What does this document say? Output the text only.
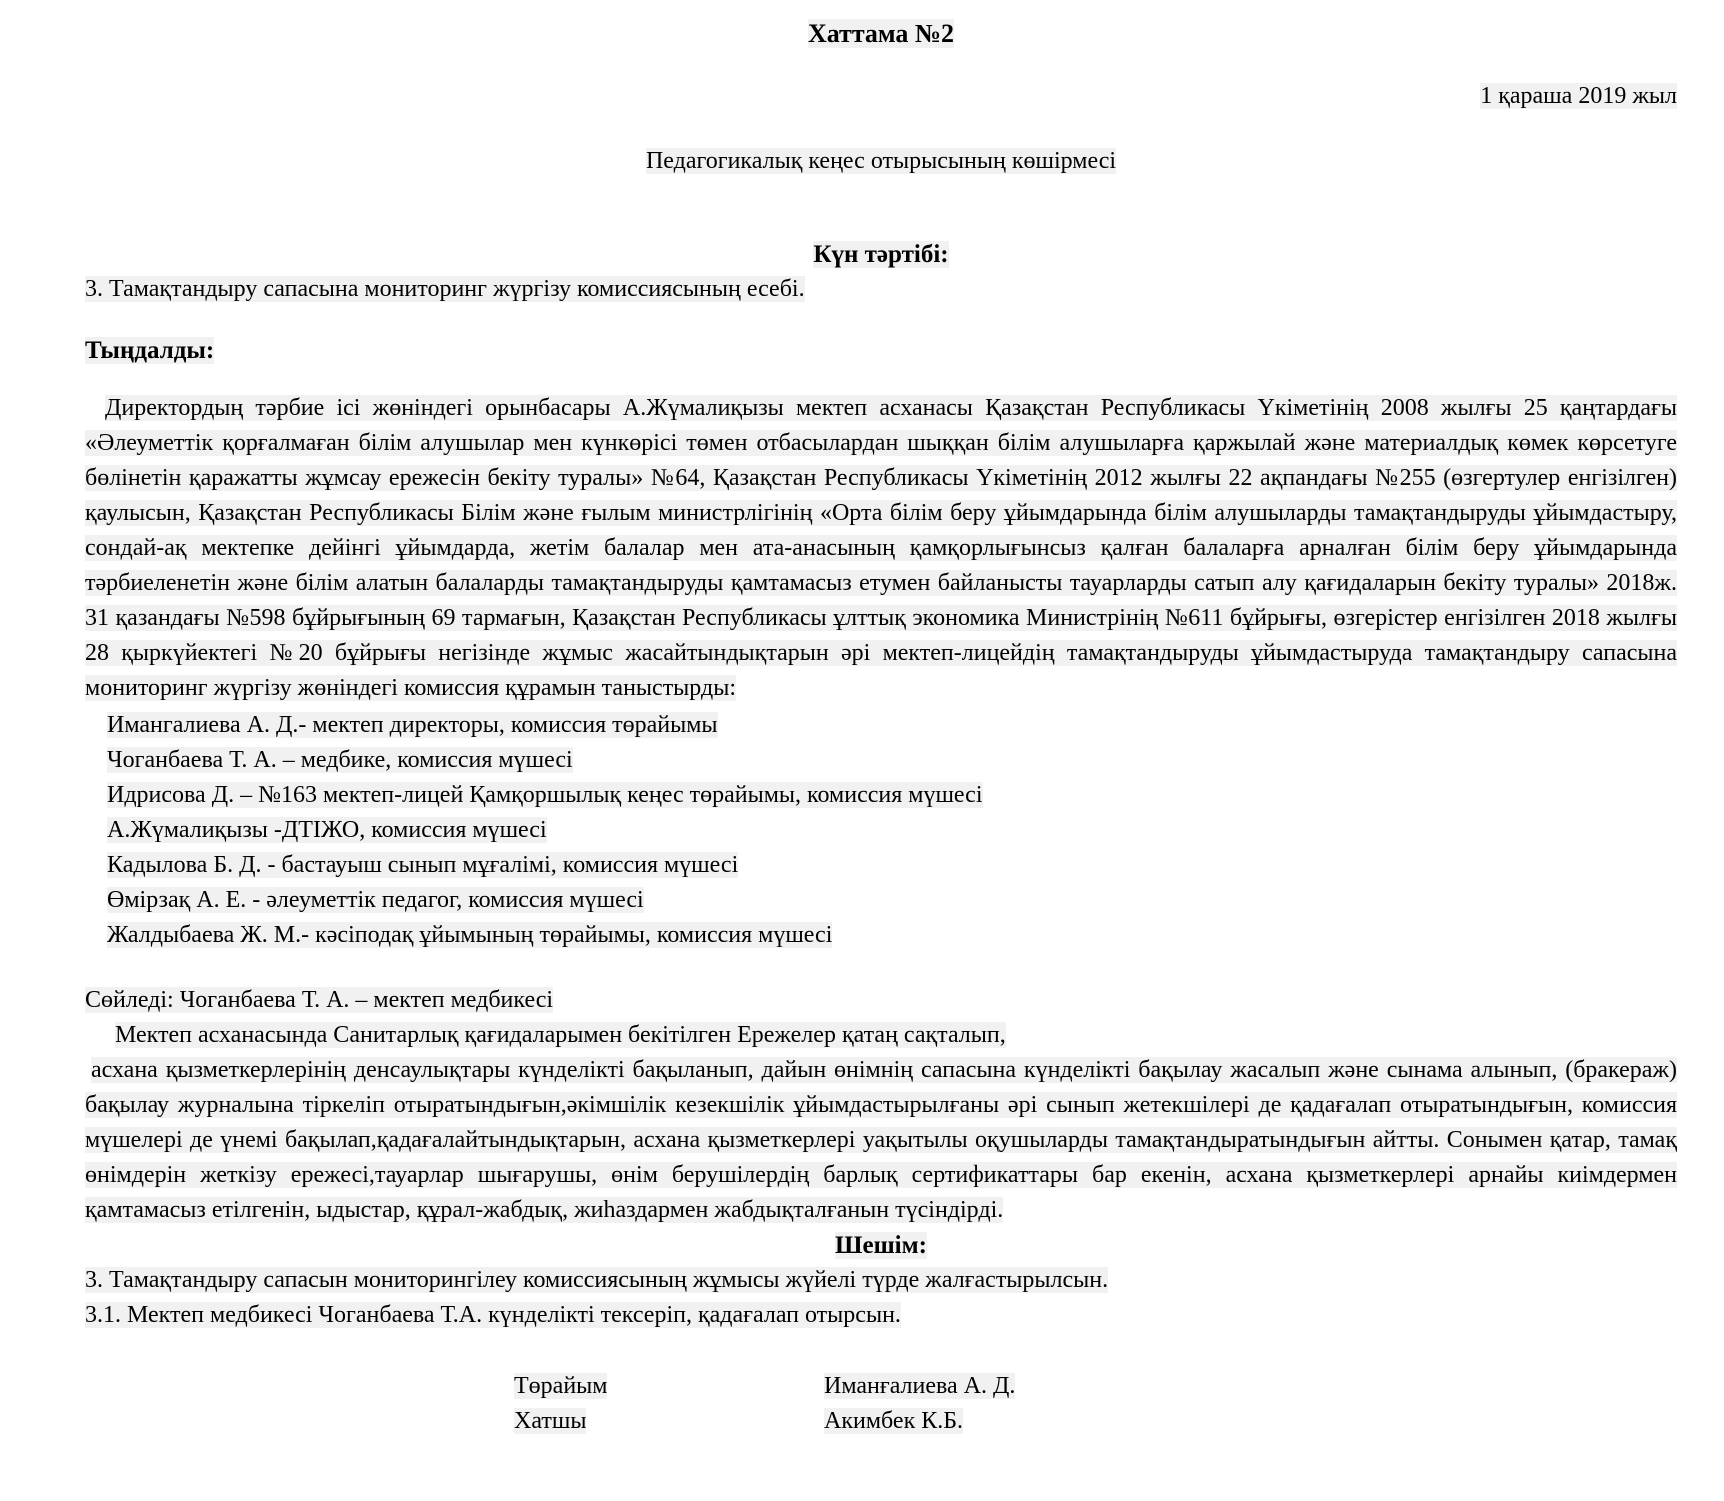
Хаттама №2
1 қараша 2019 жыл
Педагогикалық кеңес отырысының көшірмесі
Күн тәртібі:
3. Тамақтандыру сапасына мониторинг жүргізу комиссиясының есебі.
Тыңдалды:

Директордың тәрбие ісі жөніндегі орынбасары А.Жүмалиқызы мектеп асханасы Қазақстан Республикасы Үкіметінің 2008 жылғы 25 қаңтардағы «Әлеуметтік қорғалмаған білім алушылар мен күнкөрісі төмен отбасылардан шыққан білім алушыларға қаржылай және материалдық көмек көрсетуге бөлінетін қаражатты жұмсау ережесін бекіту туралы» №64, Қазақстан Республикасы Үкіметінің 2012 жылғы 22 ақпандағы №255 (өзгертулер енгізілген) қаулысын, Қазақстан Республикасы Білім және ғылым министрлігінің «Орта білім беру ұйымдарында білім алушыларды тамақтандыруды ұйымдастыру, сондай-ақ мектепке дейінгі ұйымдарда, жетім балалар мен ата-анасының қамқорлығынсыз қалған балаларға арналған білім беру ұйымдарында тәрбиеленетін және білім алатын балаларды тамақтандыруды қамтамасыз етумен байланысты тауарларды сатып алу қағидаларын бекіту туралы» 2018ж. 31 қазандағы №598 бұйрығының 69 тармағын, Қазақстан Республикасы ұлттық экономика Министрінің №611 бұйрығы, өзгерістер енгізілген 2018 жылғы 28 қыркүйектегі №20 бұйрығы негізінде жұмыс жасайтындықтарын әрі мектеп-лицейдің тамақтандыруды ұйымдастыруда тамақтандыру сапасына мониторинг жүргізу жөніндегі комиссия құрамын таныстырды:

Имангалиева А. Д.- мектеп директоры, комиссия төрайымы
Чоганбаева Т. А. – медбике, комиссия мүшесі
Идрисова Д. – №163 мектеп-лицей Қамқоршылық кеңес төрайымы, комиссия мүшесі
А.Жүмалиқызы -ДТІЖО, комиссия мүшесі
Кадылова Б. Д. - бастауыш сынып мұғалімі, комиссия мүшесі
Өмірзақ А. Е. - әлеуметтік педагог, комиссия мүшесі
Жалдыбаева Ж. М.- кәсіподақ ұйымының төрайымы, комиссия мүшесі
Сөйледі: Чоганбаева Т. А. – мектеп медбикесі
Мектеп асханасында Санитарлық қағидаларымен бекітілген Ережелер қатаң сақталып,

асхана қызметкерлерінің денсаулықтары күнделікті бақыланып, дайын өнімнің сапасына күнделікті бақылау жасалып және сынама алынып, (бракераж) бақылау журналына тіркеліп отыратындығын,әкімшілік кезекшілік ұйымдастырылғаны әрі сынып жетекшілері де қадағалап отыратындығын, комиссия мүшелері де үнемі бақылап,қадағалайтындықтарын, асхана қызметкерлері уақытылы оқушыларды тамақтандыратындығын айтты. Сонымен қатар, тамақ өнімдерін жеткізу ережесі,тауарлар шығарушы, өнім берушілердің барлық сертификаттары бар екенін, асхана қызметкерлері арнайы киімдермен қамтамасыз етілгенін, ыдыстар, құрал-жабдық, жиһаздармен жабдықталғанын түсіндірді.

Шешім:
3. Тамақтандыру сапасын мониторингілеу комиссиясының жұмысы жүйелі түрде жалғастырылсын.
3.1. Мектеп медбикесі Чоганбаева Т.А. күнделікті тексеріп, қадағалап отырсын.
Төрайым	Иманғалиева А. Д.
Хатшы	Акимбек К.Б.
